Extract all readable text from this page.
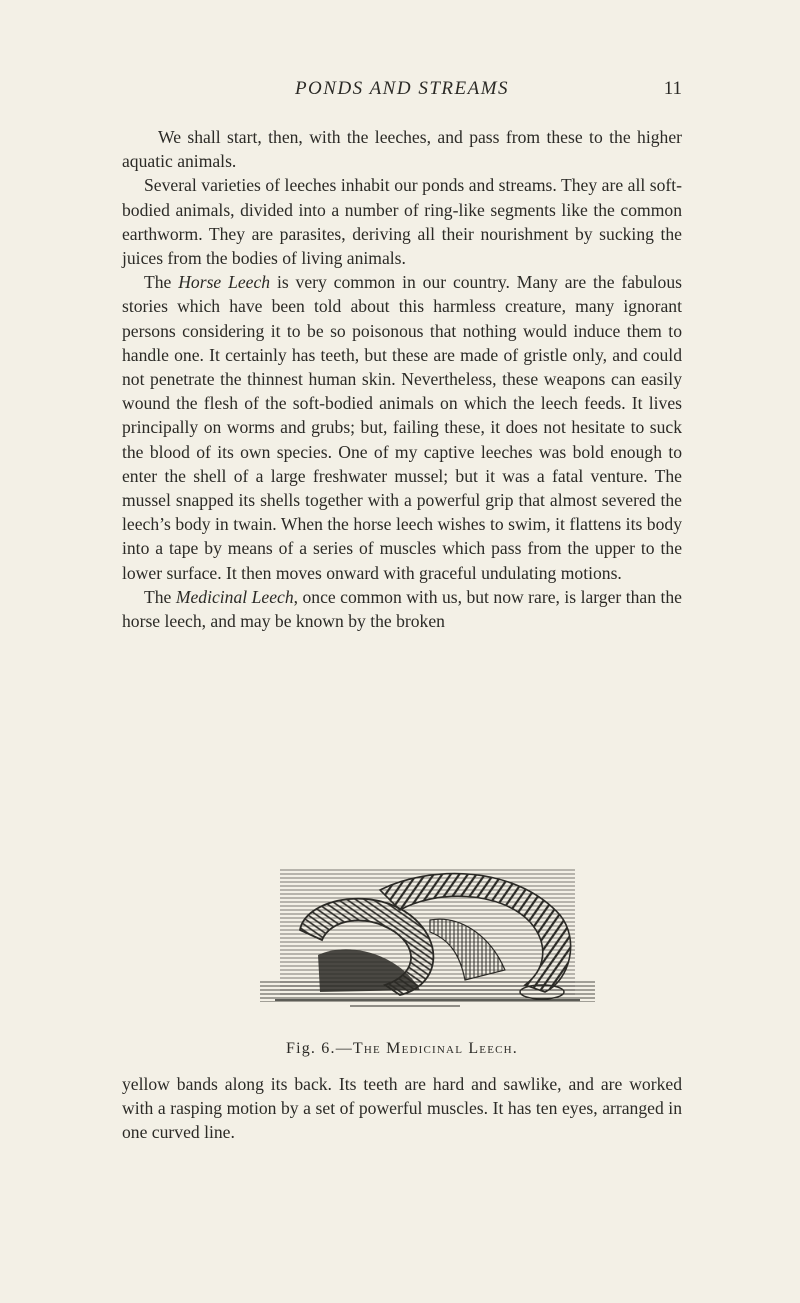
PONDS AND STREAMS	11

We shall start, then, with the leeches, and pass from these to the higher aquatic animals.

Several varieties of leeches inhabit our ponds and streams. They are all soft-bodied animals, divided into a number of ring-like segments like the common earthworm. They are parasites, deriving all their nourishment by sucking the juices from the bodies of living animals.

The Horse Leech is very common in our country. Many are the fabulous stories which have been told about this harmless creature, many ignorant persons considering it to be so poisonous that nothing would induce them to handle one. It certainly has teeth, but these are made of gristle only, and could not penetrate the thinnest human skin. Nevertheless, these weapons can easily wound the flesh of the soft-bodied animals on which the leech feeds. It lives principally on worms and grubs; but, failing these, it does not hesitate to suck the blood of its own species. One of my captive leeches was bold enough to enter the shell of a large freshwater mussel; but it was a fatal venture. The mussel snapped its shells together with a powerful grip that almost severed the leech’s body in twain. When the horse leech wishes to swim, it flattens its body into a tape by means of a series of muscles which pass from the upper to the lower surface. It then moves onward with graceful undulating motions.

The Medicinal Leech, once common with us, but now rare, is larger than the horse leech, and may be known by the broken

Fig. 6.—The Medicinal Leech.

yellow bands along its back. Its teeth are hard and sawlike, and are worked with a rasping motion by a set of powerful muscles. It has ten eyes, arranged in one curved line.
